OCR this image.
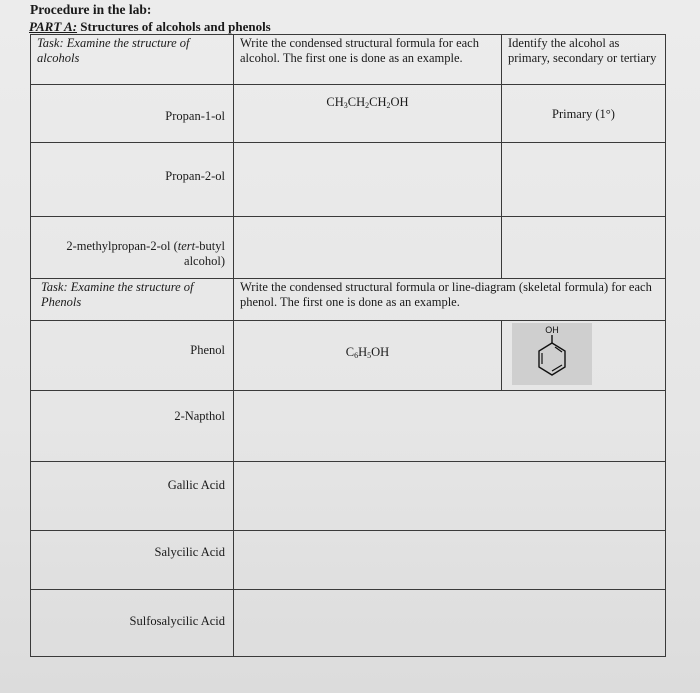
Procedure in the lab:
PART A: Structures of alcohols and phenols
Task: Examine the structure of alcohols	Write the condensed structural formula for each alcohol. The first one is done as an example.	Identify the alcohol as primary, secondary or tertiary
Propan-1-ol	$CH_3CH_2CH_2OH$	Primary (1°)
Propan-2-ol		
2-methylpropan-2-ol (tert-butyl
alcohol)		
Task: Examine the structure of Phenols	Write the condensed structural formula or line-diagram (skeletal formula) for each phenol. The first one is done as an example.	
Phenol	$C_6H_5OH$	OH

2-Napthol		
Gallic Acid		
Salycilic Acid		
Sulfosalycilic Acid		
